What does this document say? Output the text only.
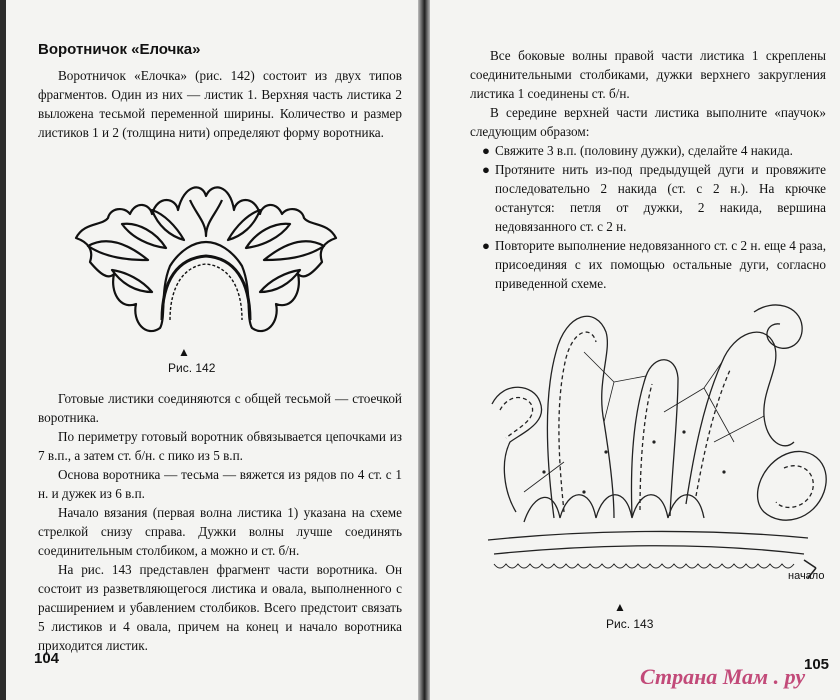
Воротничок «Елочка»

Воротничок «Елочка» (рис. 142) состоит из двух типов фрагментов. Один из них — листик 1. Верхняя часть листика 2 выложена тесьмой переменной ширины. Количество и размер листиков 1 и 2 (толщина нити) определяют форму воротника.

▲
Рис. 142

Готовые листики соединяются с общей тесьмой — стоечкой воротника.

По периметру готовый воротник обвязывается цепочками из 7 в.п., а затем ст. б/н. с пико из 5 в.п.

Основа воротника — тесьма — вяжется из рядов по 4 ст. с 1 н. и дужек из 6 в.п.

Начало вязания (первая волна листика 1) указана на схеме стрелкой снизу справа. Дужки волны лучше соединять соединительным столбиком, а можно и ст. б/н.

На рис. 143 представлен фрагмент части воротника. Он состоит из разветвляющегося листика и овала, выполненного с расширением и убавлением столбиков. Всего предстоит связать 5 листиков и 4 овала, причем на конец и начало воротника приходится листик.

104

Все боковые волны правой части листика 1 скреплены соединительными столбиками, дужки верхнего закругления листика 1 соединены ст. б/н.

В середине верхней части листика выполните «паучок» следующим образом:

● Свяжите 3 в.п. (половину дужки), сделайте 4 накида.
● Протяните нить из-под предыдущей дуги и провяжите последовательно 2 накида (ст. с 2 н.). На крючке останутся: петля от дужки, 2 накида, вершина недовязанного ст. с 2 н.
● Повторите выполнение недовязанного ст. с 2 н. еще 4 раза, присоединяя с их помощью остальные дуги, согласно приведенной схеме.
начало
▲
Рис. 143
105
Страна Мам . ру
